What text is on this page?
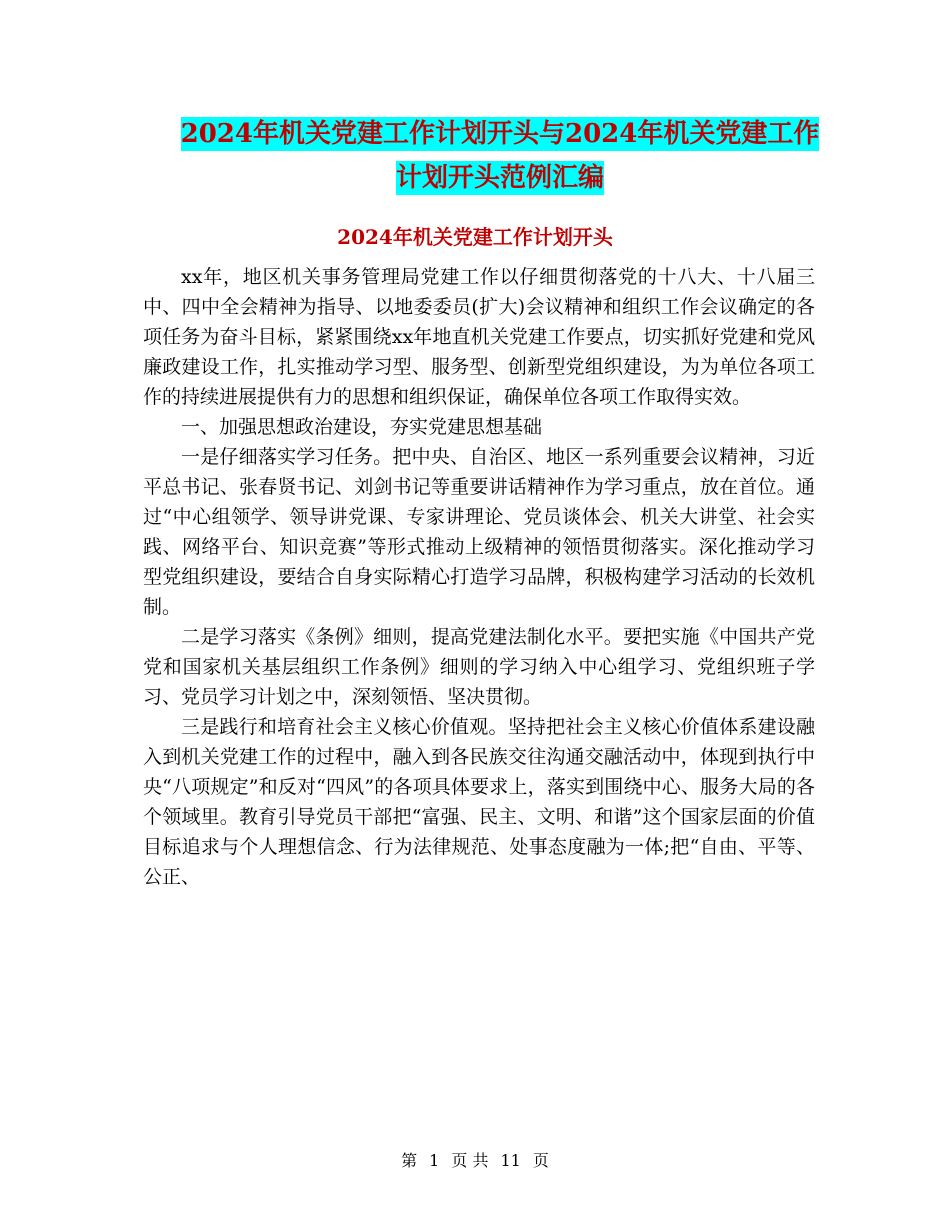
2024年机关党建工作计划开头与2024年机关党建工作
计划开头范例汇编
2024年机关党建工作计划开头

xx年，地区机关事务管理局党建工作以仔细贯彻落党的十八大、十八届三中、四中全会精神为指导、以地委委员(扩大)会议精神和组织工作会议确定的各项任务为奋斗目标，紧紧围绕xx年地直机关党建工作要点，切实抓好党建和党风廉政建设工作，扎实推动学习型、服务型、创新型党组织建设，为为单位各项工作的持续进展提供有力的思想和组织保证，确保单位各项工作取得实效。

一、加强思想政治建设，夯实党建思想基础

一是仔细落实学习任务。把中央、自治区、地区一系列重要会议精神，习近平总书记、张春贤书记、刘剑书记等重要讲话精神作为学习重点，放在首位。通过“中心组领学、领导讲党课、专家讲理论、党员谈体会、机关大讲堂、社会实践、网络平台、知识竞赛”等形式推动上级精神的领悟贯彻落实。深化推动学习型党组织建设，要结合自身实际精心打造学习品牌，积极构建学习活动的长效机制。

二是学习落实《条例》细则，提高党建法制化水平。要把实施《中国共产党党和国家机关基层组织工作条例》细则的学习纳入中心组学习、党组织班子学习、党员学习计划之中，深刻领悟、坚决贯彻。

三是践行和培育社会主义核心价值观。坚持把社会主义核心价值体系建设融入到机关党建工作的过程中，融入到各民族交往沟通交融活动中，体现到执行中央“八项规定”和反对“四风”的各项具体要求上，落实到围绕中心、服务大局的各个领域里。教育引导党员干部把“富强、民主、文明、和谐”这个国家层面的价值目标追求与个人理想信念、行为法律规范、处事态度融为一体;把“自由、平等、公正、

第 1 页 共 11 页
